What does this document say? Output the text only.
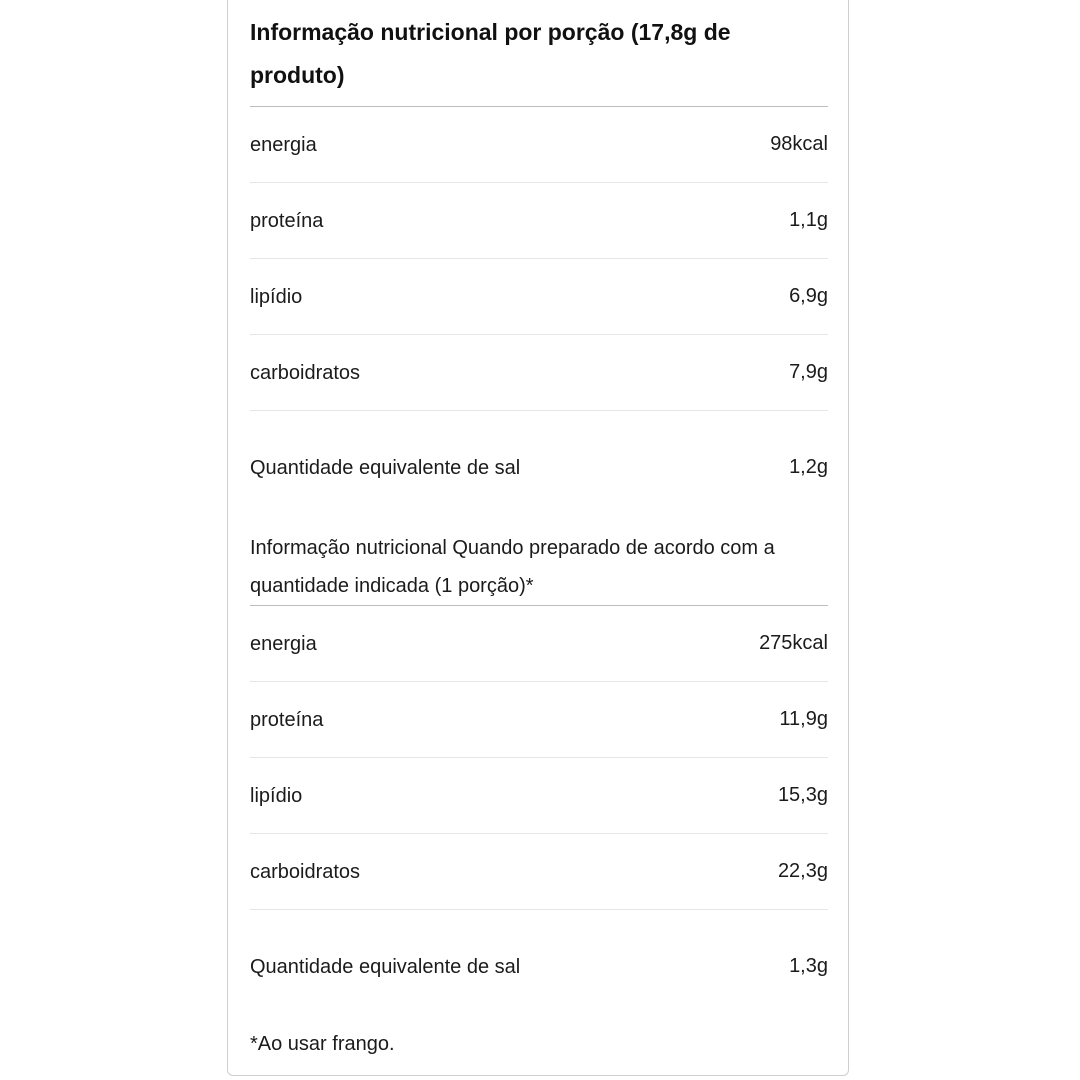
Informação nutricional por porção (17,8g de produto)
energia	98kcal
proteína	1,1g
lipídio	6,9g
carboidratos	7,9g
Quantidade equivalente de sal	1,2g
Informação nutricional Quando preparado de acordo com a quantidade indicada (1 porção)*
energia	275kcal
proteína	11,9g
lipídio	15,3g
carboidratos	22,3g
Quantidade equivalente de sal	1,3g
*Ao usar frango.
